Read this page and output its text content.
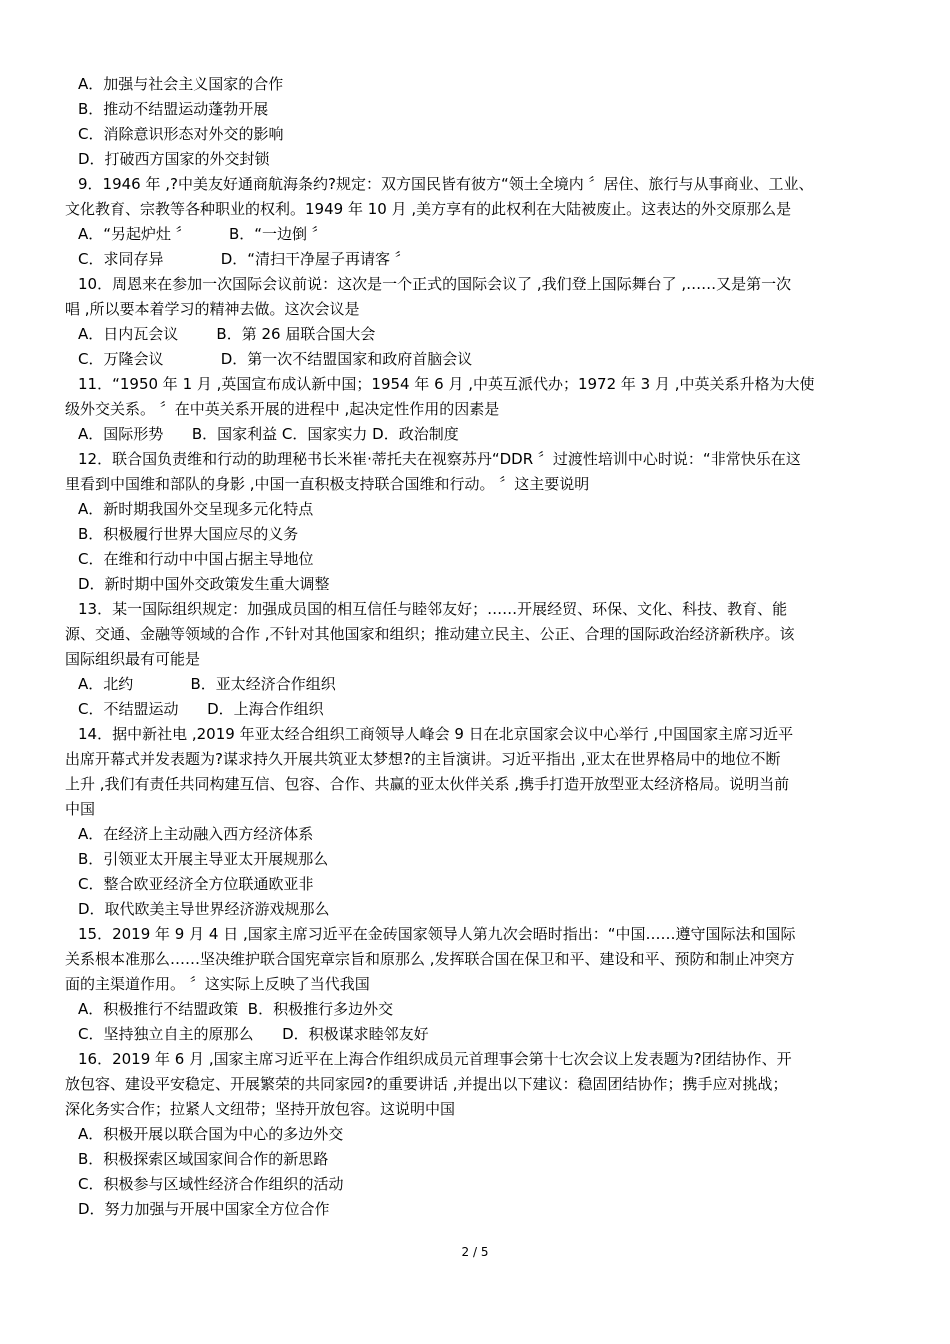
A．加强与社会主义国家的合作

B．推动不结盟运动蓬勃开展

C．消除意识形态对外交的影响

D．打破西方国家的外交封锁

9．1946 年 ,?中美友好通商航海条约?规定：双方国民皆有彼方“领土全境内 〞居住、旅行与从事商业、工业、

文化教育、宗教等各种职业的权利。1949 年 10 月 ,美方享有的此权利在大陆被废止。这表达的外交原那么是

A．“另起炉灶 〞        B．“一边倒 〞

C．求同存异            D．“清扫干净屋子再请客 〞

10．周恩来在参加一次国际会议前说：这次是一个正式的国际会议了 ,我们登上国际舞台了 ,……又是第一次

唱 ,所以要本着学习的精神去做。这次会议是

A．日内瓦会议        B．第 26 届联合国大会

C．万隆会议            D．第一次不结盟国家和政府首脑会议

11．“1950 年 1 月 ,英国宣布成认新中国；1954 年 6 月 ,中英互派代办；1972 年 3 月 ,中英关系升格为大使

级外交关系。 〞在中英关系开展的进程中 ,起决定性作用的因素是

A．国际形势      B．国家利益 C．国家实力 D．政治制度

12．联合国负责维和行动的助理秘书长米崔·蒂托夫在视察苏丹“DDR 〞过渡性培训中心时说：“非常快乐在这

里看到中国维和部队的身影 ,中国一直积极支持联合国维和行动。 〞这主要说明

A．新时期我国外交呈现多元化特点

B．积极履行世界大国应尽的义务

C．在维和行动中中国占据主导地位

D．新时期中国外交政策发生重大调整

13．某一国际组织规定：加强成员国的相互信任与睦邻友好；……开展经贸、环保、文化、科技、教育、能

源、交通、金融等领域的合作 ,不针对其他国家和组织；推动建立民主、公正、合理的国际政治经济新秩序。该

国际组织最有可能是

A．北约            B．亚太经济合作组织

C．不结盟运动      D．上海合作组织

14．据中新社电 ,2019 年亚太经合组织工商领导人峰会 9 日在北京国家会议中心举行 ,中国国家主席习近平

出席开幕式并发表题为?谋求持久开展共筑亚太梦想?的主旨演讲。习近平指出 ,亚太在世界格局中的地位不断

上升 ,我们有责任共同构建互信、包容、合作、共赢的亚太伙伴关系 ,携手打造开放型亚太经济格局。说明当前

中国

A．在经济上主动融入西方经济体系

B．引领亚太开展主导亚太开展规那么

C．整合欧亚经济全方位联通欧亚非

D．取代欧美主导世界经济游戏规那么

15．2019 年 9 月 4 日 ,国家主席习近平在金砖国家领导人第九次会晤时指出：“中国……遵守国际法和国际

关系根本准那么……坚决维护联合国宪章宗旨和原那么 ,发挥联合国在保卫和平、建设和平、预防和制止冲突方

面的主渠道作用。 〞这实际上反映了当代我国

A．积极推行不结盟政策  B．积极推行多边外交

C．坚持独立自主的原那么      D．积极谋求睦邻友好

16．2019 年 6 月 ,国家主席习近平在上海合作组织成员元首理事会第十七次会议上发表题为?团结协作、开

放包容、建设平安稳定、开展繁荣的共同家园?的重要讲话 ,并提出以下建议：稳固团结协作；携手应对挑战；

深化务实合作；拉紧人文纽带；坚持开放包容。这说明中国

A．积极开展以联合国为中心的多边外交

B．积极探索区域国家间合作的新思路

C．积极参与区域性经济合作组织的活动

D．努力加强与开展中国家全方位合作

2 / 5
